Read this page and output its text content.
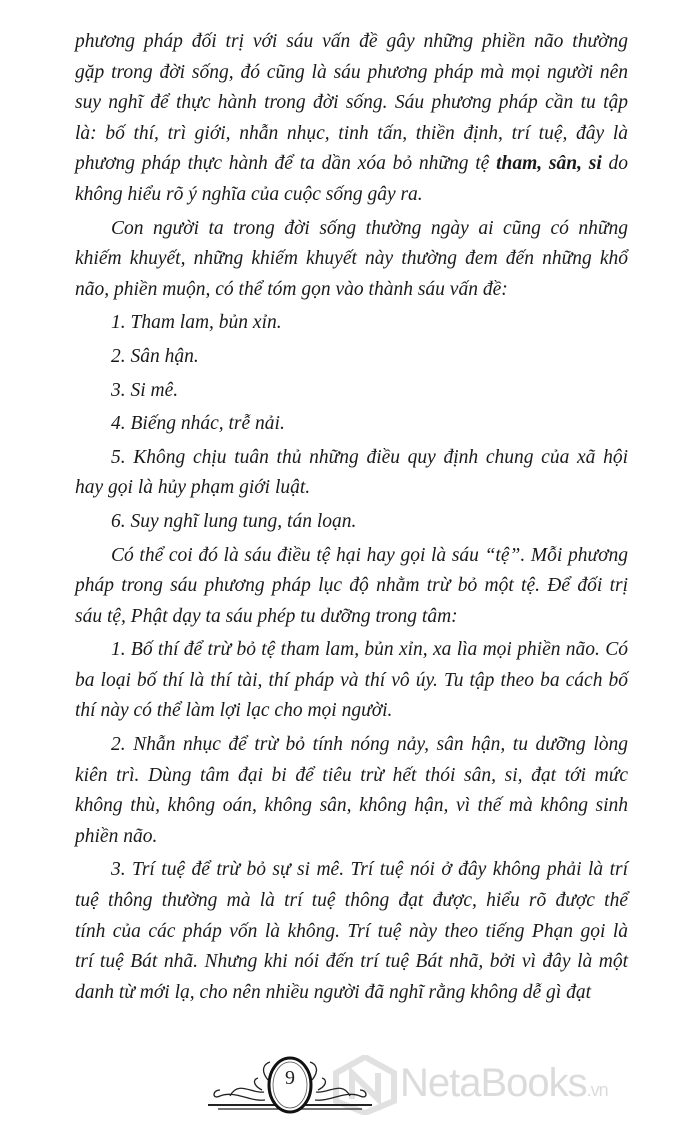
phương pháp đối trị với sáu vấn đề gây những phiền não thường
gặp trong đời sống, đó cũng là sáu phương pháp mà mọi người nên
suy nghĩ để thực hành trong đời sống. Sáu phương pháp cần tu tập
là: bố thí, trì giới, nhẫn nhục, tinh tấn, thiền định, trí tuệ, đây là
phương pháp thực hành để ta dần xóa bỏ những tệ tham, sân, si do
không hiểu rõ ý nghĩa của cuộc sống gây ra.
Con người ta trong đời sống thường ngày ai cũng có những
khiếm khuyết, những khiếm khuyết này thường đem đến những khổ
não, phiền muộn, có thể tóm gọn vào thành sáu vấn đề:
1. Tham lam, bủn xỉn.
2. Sân hận.
3. Si mê.
4. Biếng nhác, trễ nải.
5. Không chịu tuân thủ những điều quy định chung của xã hội
hay gọi là hủy phạm giới luật.
6. Suy nghĩ lung tung, tán loạn.
Có thể coi đó là sáu điều tệ hại hay gọi là sáu “tệ”. Mỗi phương
pháp trong sáu phương pháp lục độ nhằm trừ bỏ một tệ. Để đối trị
sáu tệ, Phật dạy ta sáu phép tu dưỡng trong tâm:
1. Bố thí để trừ bỏ tệ tham lam, bủn xỉn, xa lìa mọi phiền não. Có
ba loại bố thí là thí tài, thí pháp và thí vô úy. Tu tập theo ba cách bố
thí này có thể làm lợi lạc cho mọi người.
2. Nhẫn nhục để trừ bỏ tính nóng nảy, sân hận, tu dưỡng lòng
kiên trì. Dùng tâm đại bi để tiêu trừ hết thói sân, si, đạt tới mức
không thù, không oán, không sân, không hận, vì thế mà không sinh
phiền não.
3. Trí tuệ để trừ bỏ sự si mê. Trí tuệ nói ở đây không phải là trí
tuệ thông thường mà là trí tuệ thông đạt được, hiểu rõ được thể
tính của các pháp vốn là không. Trí tuệ này theo tiếng Phạn gọi là
trí tuệ Bát nhã. Nhưng khi nói đến trí tuệ Bát nhã, bởi vì đây là một
danh từ mới lạ, cho nên nhiều người đã nghĩ rằng không dễ gì đạt
NetaBooks.vn
9
